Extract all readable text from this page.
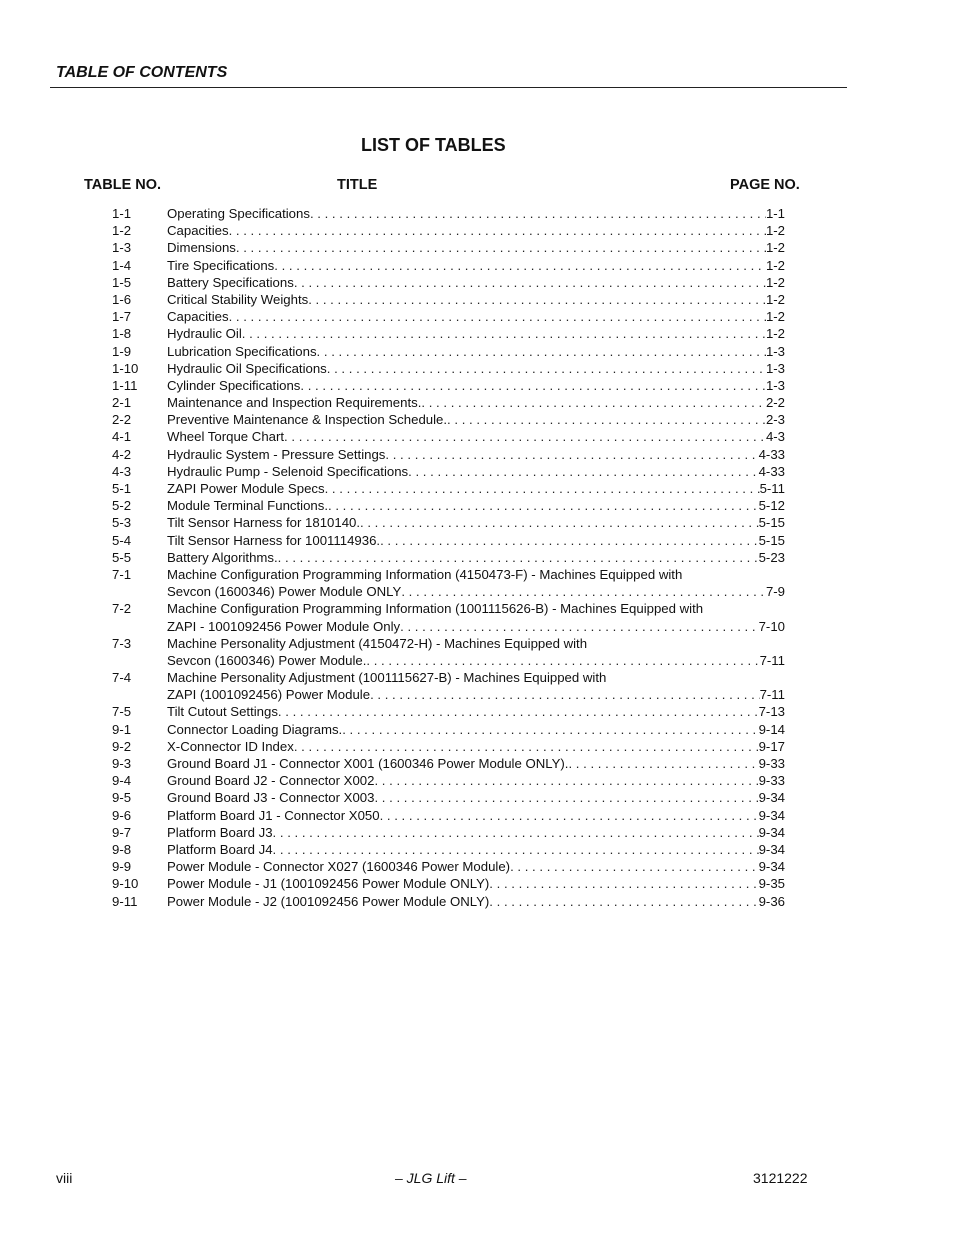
TABLE OF CONTENTS
LIST OF TABLES
TABLE NO.	TITLE	PAGE NO.
1-1	Operating Specifications . . .	1-1
1-2	Capacities . . .	1-2
1-3	Dimensions . . .	1-2
1-4	Tire Specifications . . .	1-2
1-5	Battery Specifications . . .	1-2
1-6	Critical Stability Weights . . .	1-2
1-7	Capacities . . .	1-2
1-8	Hydraulic Oil . . .	1-2
1-9	Lubrication Specifications . . .	1-3
1-10 Hydraulic Oil Specifications . . .	1-3
1-11 Cylinder Specifications . . .	1-3
2-1	Maintenance and Inspection Requirements. . . .	2-2
2-2	Preventive Maintenance & Inspection Schedule. . . .	2-3
4-1	Wheel Torque Chart . . .	4-3
4-2	Hydraulic System - Pressure Settings . . .	4-33
4-3	Hydraulic Pump - Selenoid Specifications . . .	4-33
5-1	ZAPI Power Module Specs . . .	5-11
5-2	Module Terminal Functions. . . .	5-12
5-3	Tilt Sensor Harness for 1810140. . . .	5-15
5-4	Tilt Sensor Harness for 1001114936. . . .	5-15
5-5	Battery Algorithms. . . .	5-23
7-1	Machine Configuration Programming Information (4150473-F) - Machines Equipped with
Sevcon (1600346) Power Module ONLY . . .	7-9
7-2	Machine Configuration Programming Information (1001115626-B) - Machines Equipped with
ZAPI - 1001092456 Power Module Only . . .	7-10
7-3	Machine Personality Adjustment (4150472-H) - Machines Equipped with
Sevcon (1600346) Power Module. . . .	7-11
7-4	Machine Personality Adjustment (1001115627-B) - Machines Equipped with
ZAPI (1001092456) Power Module . . .	7-11
7-5	Tilt Cutout Settings . . .	7-13
9-1	Connector Loading Diagrams. . . .	9-14
9-2	X-Connector ID Index . . .	9-17
9-3	Ground Board J1 - Connector X001 (1600346 Power Module ONLY). . . .	9-33
9-4	Ground Board J2 - Connector X002 . . .	9-33
9-5	Ground Board J3 - Connector X003 . . .	9-34
9-6	Platform Board J1 - Connector X050 . . .	9-34
9-7	Platform Board J3 . . .	9-34
9-8	Platform Board J4 . . .	9-34
9-9	Power Module - Connector X027 (1600346 Power Module) . . .	9-34
9-10 Power Module - J1 (1001092456 Power Module ONLY) . . .	9-35
9-11 Power Module - J2 (1001092456 Power Module ONLY) . . .	9-36
viii	– JLG Lift –	3121222
